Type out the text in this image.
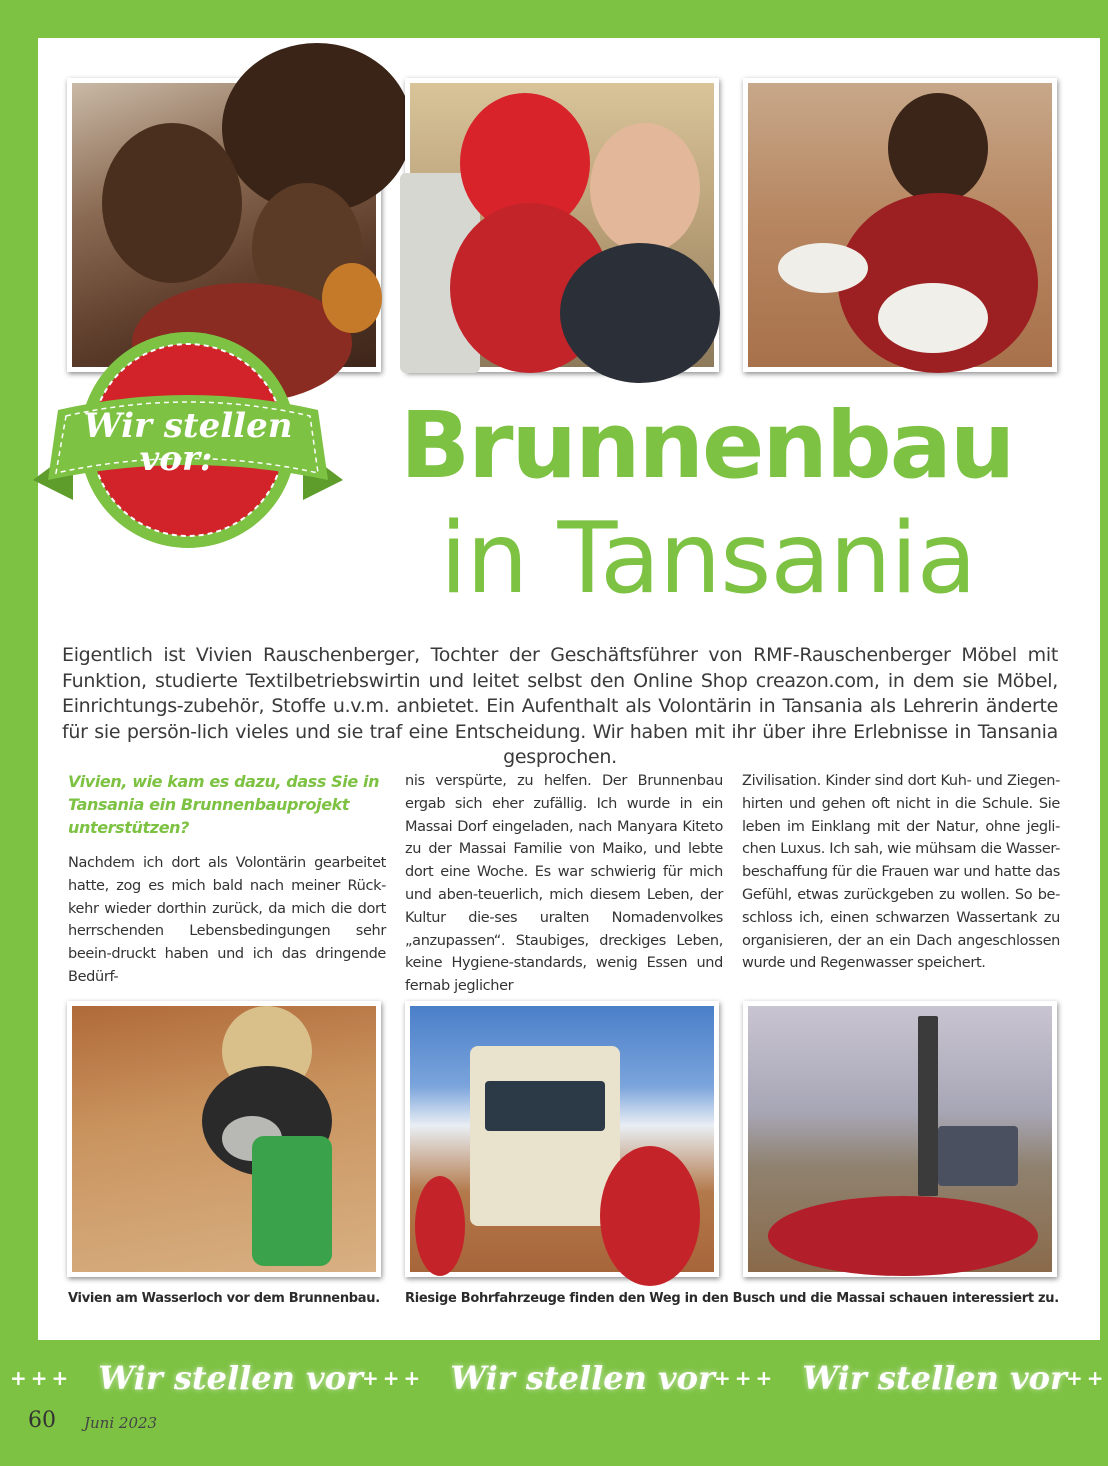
Wir stellen
vor: Brunnenbau
in Tansania

Eigentlich ist Vivien Rauschenberger, Tochter der Geschäftsführer von RMF-Rauschenberger Möbel mit Funktion, studierte Textilbetriebswirtin und leitet selbst den Online Shop creazon.com, in dem sie Möbel, Einrichtungs-zubehör, Stoffe u.v.m. anbietet. Ein Aufenthalt als Volontärin in Tansania als Lehrerin änderte für sie persön-lich vieles und sie traf eine Entscheidung. Wir haben mit ihr über ihre Erlebnisse in Tansania gesprochen.

Vivien, wie kam es dazu, dass Sie in Tansania ein Brunnenbauprojekt unterstützen?

Nachdem ich dort als Volontärin gearbeitet hatte, zog es mich bald nach meiner Rück-kehr wieder dorthin zurück, da mich die dort herrschenden Lebensbedingungen sehr beein-druckt haben und ich das dringende Bedürf-

nis verspürte, zu helfen. Der Brunnenbau ergab sich eher zufällig. Ich wurde in ein Massai Dorf eingeladen, nach Manyara Kiteto zu der Massai Familie von Maiko, und lebte dort eine Woche. Es war schwierig für mich und aben-teuerlich, mich diesem Leben, der Kultur die-ses uralten Nomadenvolkes „anzupassen“. Staubiges, dreckiges Leben, keine Hygiene-standards, wenig Essen und fernab jeglicher

Zivilisation. Kinder sind dort Kuh- und Ziegen-hirten und gehen oft nicht in die Schule. Sie leben im Einklang mit der Natur, ohne jegli-chen Luxus. Ich sah, wie mühsam die Wasser-beschaffung für die Frauen war und hatte das Gefühl, etwas zurückgeben zu wollen. So be-schloss ich, einen schwarzen Wassertank zu organisieren, der an ein Dach angeschlossen wurde und Regenwasser speichert.

Vivien am Wasserloch vor dem Brunnenbau. Riesige Bohrfahrzeuge finden den Weg in den Busch und die Massai schauen interessiert zu.
+++ Wir stellen vor +++ Wir stellen vor +++ Wir stellen vor ++
60 Juni 2023
